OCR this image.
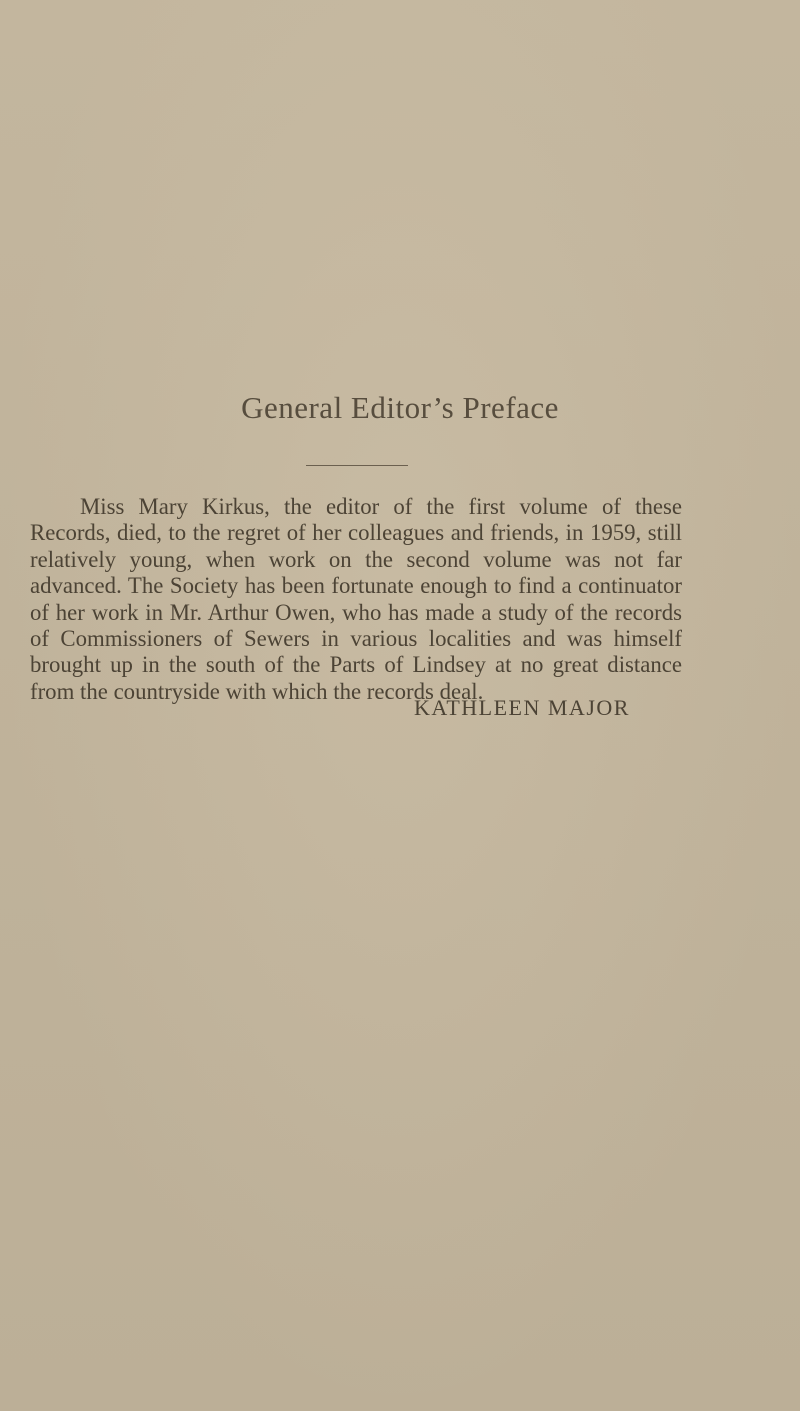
General Editor’s Preface

Miss Mary Kirkus, the editor of the first volume of these Records, died, to the regret of her colleagues and friends, in 1959, still relatively young, when work on the second volume was not far advanced. The Society has been fortunate enough to find a continuator of her work in Mr. Arthur Owen, who has made a study of the records of Commissioners of Sewers in various localities and was himself brought up in the south of the Parts of Lindsey at no great distance from the countryside with which the records deal.

KATHLEEN MAJOR
